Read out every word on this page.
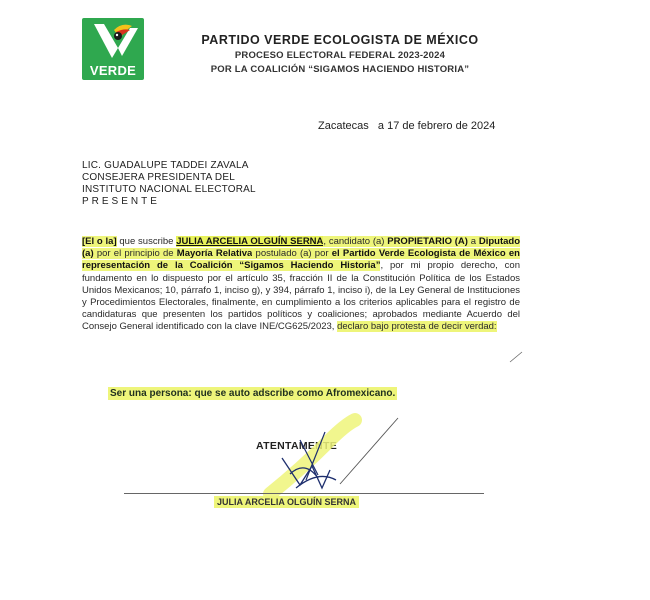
VERDE
PARTIDO VERDE ECOLOGISTA DE MÉXICO
PROCESO ELECTORAL FEDERAL 2023-2024
POR LA COALICIÓN “SIGAMOS HACIENDO HISTORIA”
Zacatecas   a 17 de febrero de 2024
LIC. GUADALUPE TADDEI ZAVALA
CONSEJERA PRESIDENTA DEL
INSTITUTO NACIONAL ELECTORAL
PRESENTE
[El o la] que suscribe JULIA ARCELIA OLGUÍN SERNA, candidato (a) PROPIETARIO (A) a Diputado (a) por el principio de Mayoría Relativa postulado (a) por el Partido Verde Ecologista de México en representación de la Coalición “Sigamos Haciendo Historia”, por mi propio derecho, con fundamento en lo dispuesto por el artículo 35, fracción II de la Constitución Política de los Estados Unidos Mexicanos; 10, párrafo 1, inciso g), y 394, párrafo 1, inciso i), de la Ley General de Instituciones y Procedimientos Electorales, finalmente, en cumplimiento a los criterios aplicables para el registro de candidaturas que presenten los partidos políticos y coaliciones; aprobados mediante Acuerdo del Consejo General identificado con la clave INE/CG625/2023, declaro bajo protesta de decir verdad:
Ser una persona: que se auto adscribe como Afromexicano.
ATENTAMENTE
JULIA ARCELIA OLGUÍN SERNA
